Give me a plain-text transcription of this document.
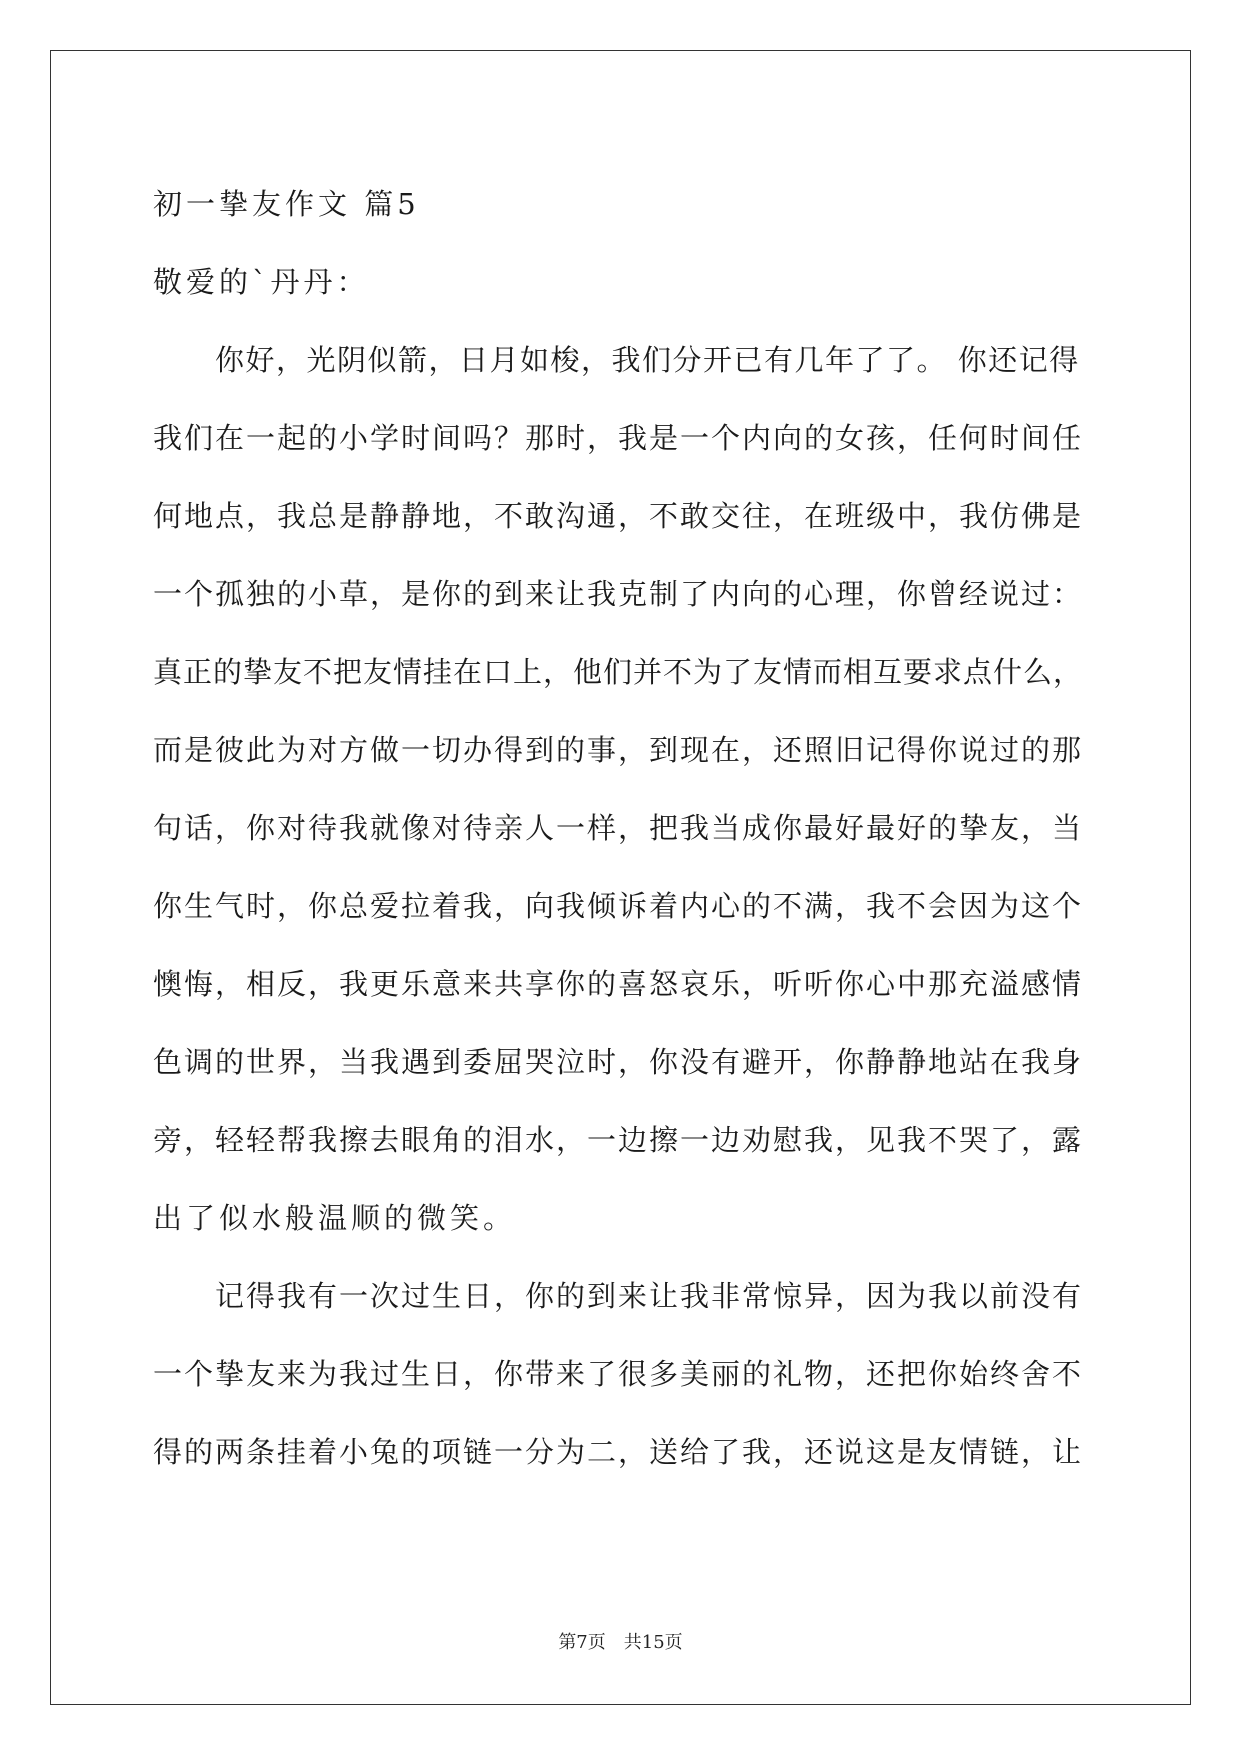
初一挚友作文 篇5
敬爱的`丹丹：
你好，光阴似箭，日月如梭，我们分开已有几年了了。 你还记得
我们在一起的小学时间吗？那时，我是一个内向的女孩，任何时间任
何地点，我总是静静地，不敢沟通，不敢交往，在班级中，我仿佛是
一个孤独的小草，是你的到来让我克制了内向的心理，你曾经说过：
真正的挚友不把友情挂在口上，他们并不为了友情而相互要求点什么，
而是彼此为对方做一切办得到的事，到现在，还照旧记得你说过的那
句话，你对待我就像对待亲人一样，把我当成你最好最好的挚友，当
你生气时，你总爱拉着我，向我倾诉着内心的不满，我不会因为这个
懊悔，相反，我更乐意来共享你的喜怒哀乐，听听你心中那充溢感情
色调的世界，当我遇到委屈哭泣时，你没有避开，你静静地站在我身
旁，轻轻帮我擦去眼角的泪水，一边擦一边劝慰我，见我不哭了，露
出了似水般温顺的微笑。
记得我有一次过生日，你的到来让我非常惊异，因为我以前没有
一个挚友来为我过生日，你带来了很多美丽的礼物，还把你始终舍不
得的两条挂着小兔的项链一分为二，送给了我，还说这是友情链，让
第7页　共15页
